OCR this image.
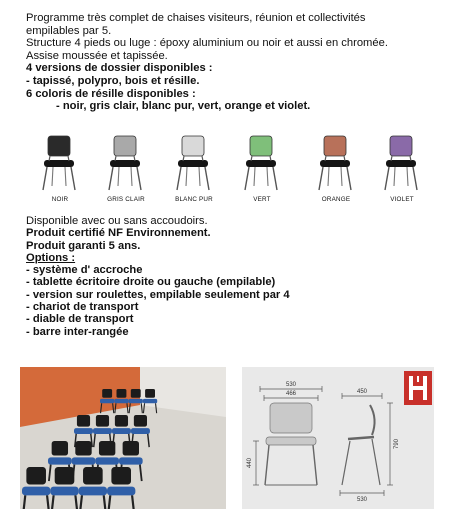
Programme très complet de chaises visiteurs, réunion et collectivités

empilables par 5.

Structure 4 pieds ou luge : époxy aluminium ou noir et aussi en chromée.

Assise moussée et tapissée.

4 versions de dossier disponibles :

- tapissé, polypro, bois et résille.

6 coloris de résille disponibles :

- noir, gris clair, blanc pur, vert, orange et violet.

NOIR	GRIS CLAIR	BLANC PUR	VERT	ORANGE	VIOLET

Disponible avec ou sans accoudoirs.

Produit certifié NF Environnement.

Produit garanti 5 ans.

Options :

- système d' accroche

- tablette écritoire droite ou gauche (empilable)

- version sur roulettes, empilable seulement par 4

- chariot de transport

- diable de transport

- barre inter-rangée

530
466	450
790
440
530
